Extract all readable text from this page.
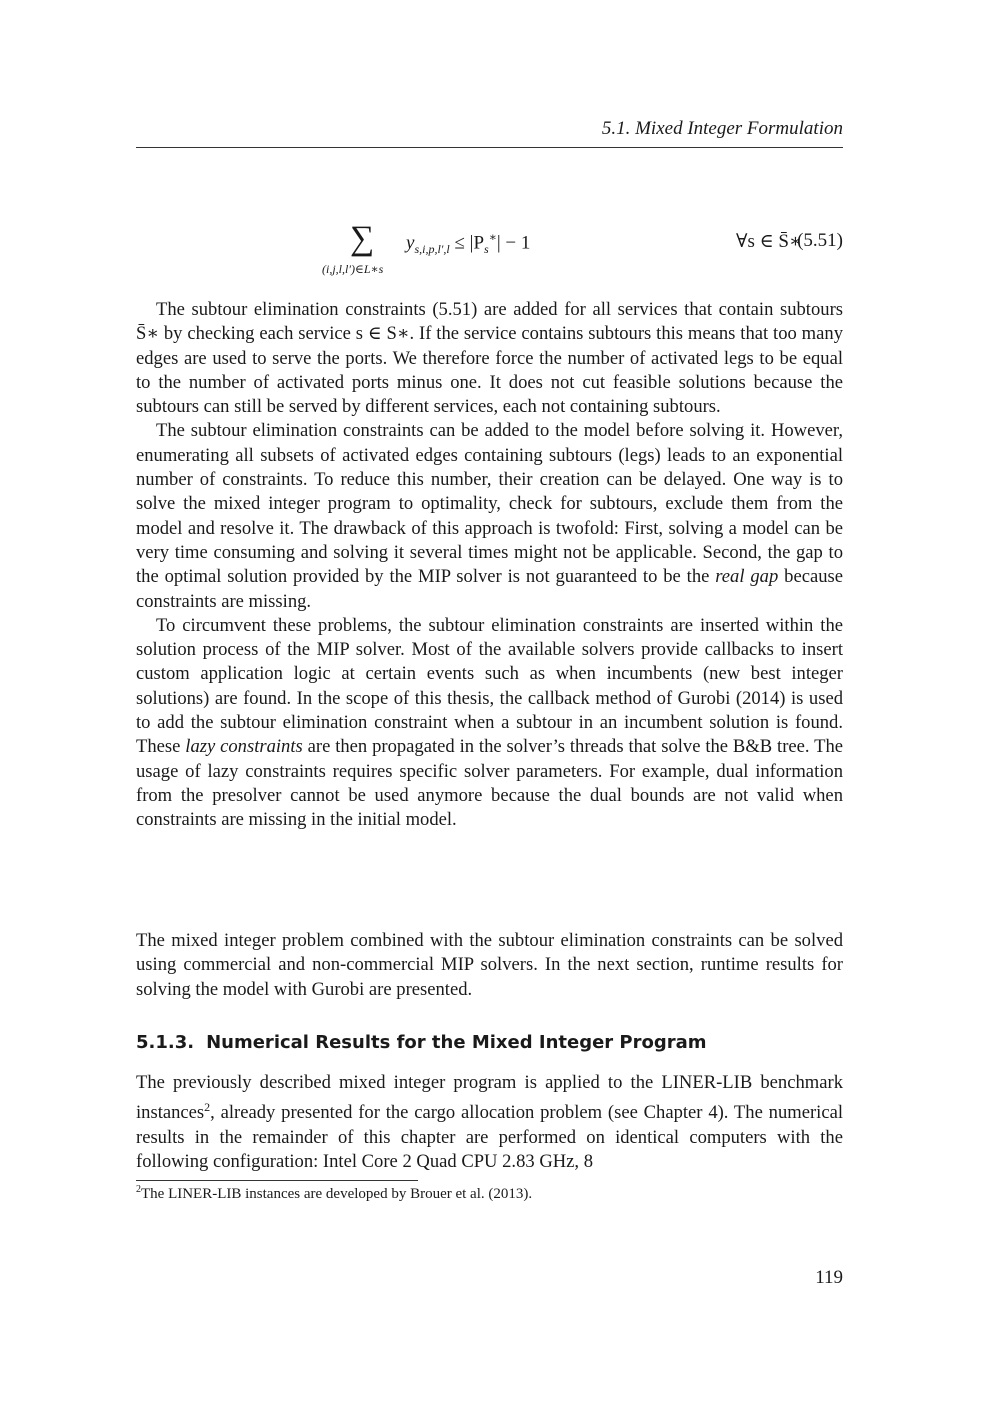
5.1. Mixed Integer Formulation
∑
(i,j,l,l′)∈L∗s
$y_{s,i,p,l',l} \le |P_s^∗| - 1$	∀s ∈ S̄∗
(5.51)

The subtour elimination constraints (5.51) are added for all services that contain subtours S̄∗ by checking each service s ∈ S∗. If the service contains subtours this means that too many edges are used to serve the ports. We therefore force the number of activated legs to be equal to the number of activated ports minus one. It does not cut feasible solutions because the subtours can still be served by different services, each not containing subtours.

The subtour elimination constraints can be added to the model before solving it. However, enumerating all subsets of activated edges containing subtours (legs) leads to an exponential number of constraints. To reduce this number, their creation can be delayed. One way is to solve the mixed integer program to optimality, check for subtours, exclude them from the model and resolve it. The drawback of this approach is twofold: First, solving a model can be very time consuming and solving it several times might not be applicable. Second, the gap to the optimal solution provided by the MIP solver is not guaranteed to be the real gap because constraints are missing.

To circumvent these problems, the subtour elimination constraints are inserted within the solution process of the MIP solver. Most of the available solvers provide callbacks to insert custom application logic at certain events such as when incumbents (new best integer solutions) are found. In the scope of this thesis, the callback method of Gurobi (2014) is used to add the subtour elimination constraint when a subtour in an incumbent solution is found. These lazy constraints are then propagated in the solver’s threads that solve the B&B tree. The usage of lazy constraints requires specific solver parameters. For example, dual information from the presolver cannot be used anymore because the dual bounds are not valid when constraints are missing in the initial model.

The mixed integer problem combined with the subtour elimination constraints can be solved using commercial and non-commercial MIP solvers. In the next section, runtime results for solving the model with Gurobi are presented.

5.1.3. Numerical Results for the Mixed Integer Program

The previously described mixed integer program is applied to the LINER-LIB benchmark instances$^2$, already presented for the cargo allocation problem (see Chapter 4). The numerical results in the remainder of this chapter are performed on identical computers with the following configuration: Intel Core 2 Quad CPU 2.83 GHz, 8

$^2$The LINER-LIB instances are developed by Brouer et al. (2013).
119
